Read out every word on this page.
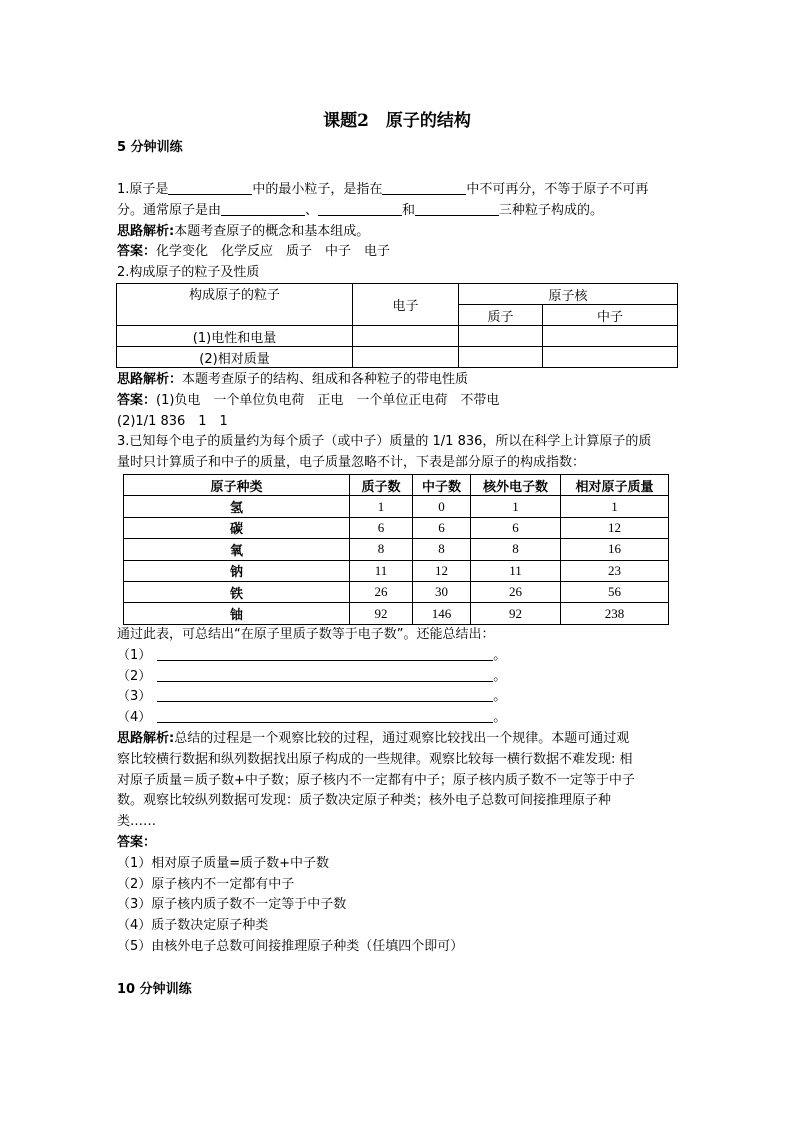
课题2　原子的结构
5 分钟训练
1.原子是	中的最小粒子，是指在	中不可再分，不等于原子不可再
分。通常原子是由	、	和	三种粒子构成的。
思路解析:本题考查原子的概念和基本组成。
答案：化学变化　化学反应　质子　中子　电子
2.构成原子的粒子及性质
构成原子的粒子	电子	原子核	
		质子	中子
(1)电性和电量			
(2)相对质量			
思路解析：本题考查原子的结构、组成和各种粒子的带电性质
答案：(1)负电　一个单位负电荷　正电　一个单位正电荷　不带电
(2)1/1 836　1　1
3.已知每个电子的质量约为每个质子（或中子）质量的 1/1 836，所以在科学上计算原子的质
量时只计算质子和中子的质量，电子质量忽略不计，下表是部分原子的构成指数：
原子种类	质子数	中子数	核外电子数	相对原子质量
氢	1	0	1	1
碳	6	6	6	12
氧	8	8	8	16
钠	11	12	11	23
铁	26	30	26	56
铀	92	146	92	238
通过此表，可总结出“在原子里质子数等于电子数”。还能总结出：
（1）	。
（2）	。
（3）	。
（4）	。
思路解析:总结的过程是一个观察比较的过程，通过观察比较找出一个规律。本题可通过观
察比较横行数据和纵列数据找出原子构成的一些规律。观察比较每一横行数据不难发现: 相
对原子质量＝质子数+中子数；原子核内不一定都有中子；原子核内质子数不一定等于中子
数。观察比较纵列数据可发现：质子数决定原子种类；核外电子总数可间接推理原子种
类……
答案：
（1）相对原子质量=质子数+中子数
（2）原子核内不一定都有中子
（3）原子核内质子数不一定等于中子数
（4）质子数决定原子种类
（5）由核外电子总数可间接推理原子种类（任填四个即可）
10 分钟训练
